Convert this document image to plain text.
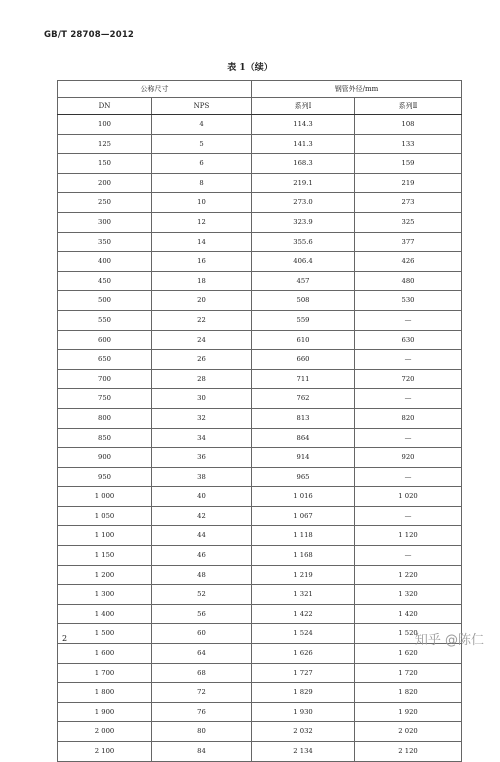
GB/T 28708—2012
表 1（续）
公称尺寸		钢管外径/mm	
DN	NPS	系列Ⅰ	系列Ⅱ
100	4	114.3	108
125	5	141.3	133
150	6	168.3	159
200	8	219.1	219
250	10	273.0	273
300	12	323.9	325
350	14	355.6	377
400	16	406.4	426
450	18	457	480
500	20	508	530
550	22	559	—
600	24	610	630
650	26	660	—
700	28	711	720
750	30	762	—
800	32	813	820
850	34	864	—
900	36	914	920
950	38	965	—
1 000	40	1 016	1 020
1 050	42	1 067	—
1 100	44	1 118	1 120
1 150	46	1 168	—
1 200	48	1 219	1 220
1 300	52	1 321	1 320
1 400	56	1 422	1 420
1 500	60	1 524	1 520
1 600	64	1 626	1 620
1 700	68	1 727	1 720
1 800	72	1 829	1 820
1 900	76	1 930	1 920
2 000	80	2 032	2 020
2 100	84	2 134	2 120
2	知乎 @陈仁
